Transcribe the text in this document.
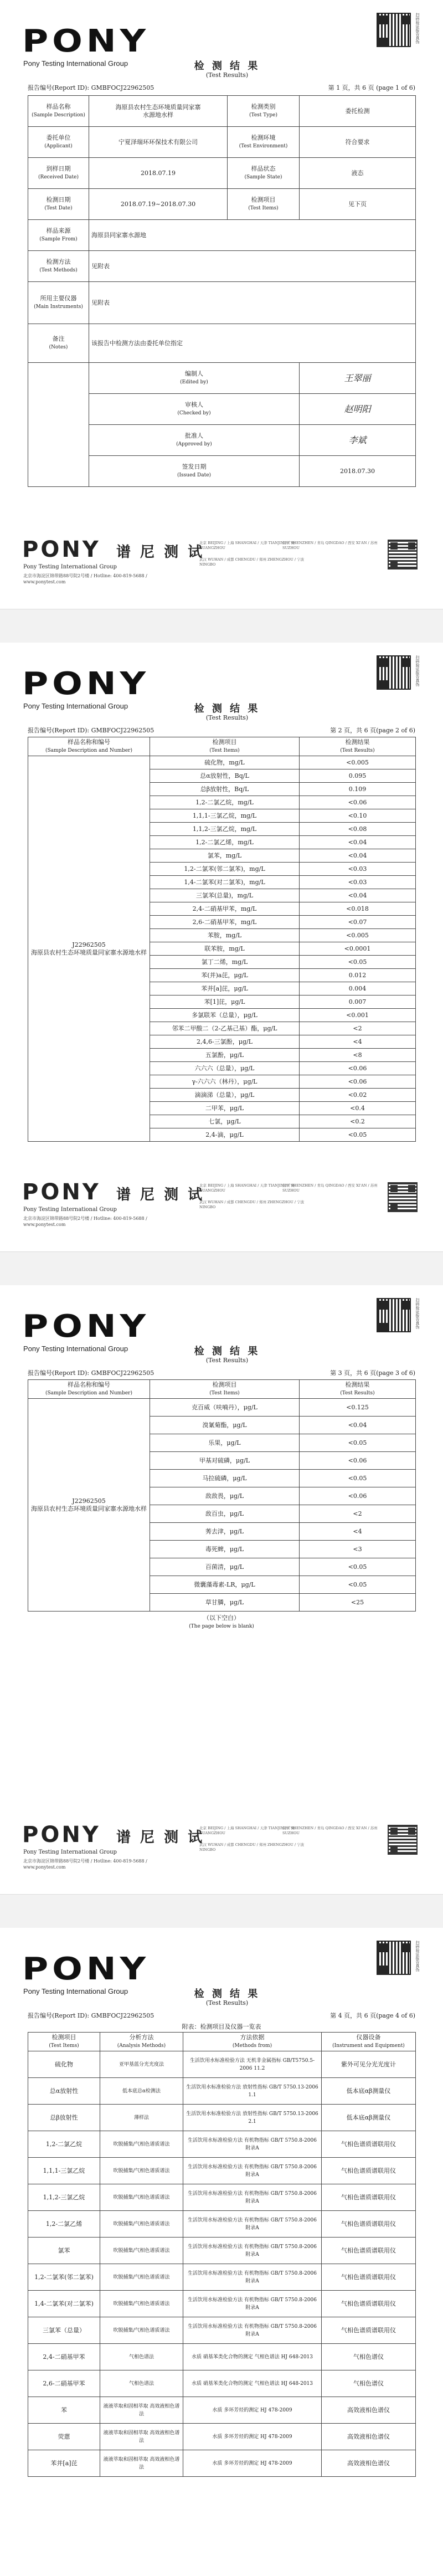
PONY
Pony Testing International Group
扫码验证报告真伪
检 测 结 果
(Test Results)
报告编号(Report ID): GMBFOCJ22962505	第 1 页，共 6 页 (page 1 of 6)
样品名称
(Sample Description)	海原县农村生态环境质量同家寨
水源地水样	检测类别
(Test Type)	委托检测
委托单位
(Applicant)	宁夏泽瑞环环保技术有限公司	检测环境
(Test Environment)	符合要求
到样日期
(Received Date)	2018.07.19	样品状态
(Sample State)	液态
检测日期
(Test Date)	2018.07.19~2018.07.30	检测项目
(Test Items)	见下页
样品来源
(Sample From)	海原县同家寨水源地		
检测方法
(Test Methods)	见附表		
所用主要仪器
(Main Instruments)	见附表		
备注
(Notes)	该报告中检测方法由委托单位指定		
	编制人
(Edited by)		王翠丽
	审核人
(Checked by)		赵明阳
	批准人
(Approved by)		李斌
	签发日期
(Issued Date)		2018.07.30
PONY 谱 尼 测 试
Pony Testing International Group
北京市海淀区锦带路88号院2号楼 / Hotline: 400-819-5688 / www.ponytest.com
北京 BEIJING / 上海 SHANGHAI / 天津 TIANJIN / 广州 GUANGZHOU
深圳 SHENZHEN / 青岛 QINGDAO / 西安 XI'AN / 苏州 SUZHOU
武汉 WUHAN / 成都 CHENGDU / 郑州 ZHENGZHOU / 宁波 NINGBO
PONY
Pony Testing International Group
扫码验证报告真伪
检 测 结 果
(Test Results)
报告编号(Report ID): GMBFOCJ22962505	第 2 页，共 6 页(page 2 of 6)
样品名称和编号
(Sample Description and Number)	检测项目
(Test Items)	检测结果
(Test Results)

J22962505
海原县农村生态环境质量同家寨水源地水样	硫化物，mg/L	<0.005
	总α放射性，Bq/L	0.095
	总β放射性，Bq/L	0.109
	1,2-二氯乙烷，mg/L	<0.06
	1,1,1-三氯乙烷，mg/L	<0.10
	1,1,2-三氯乙烷，mg/L	<0.08
	1,2-二氯乙烯，mg/L	<0.04
	氯苯，mg/L	<0.04
	1,2-二氯苯(邻二氯苯)，mg/L	<0.03
	1,4-二氯苯(对二氯苯)，mg/L	<0.03
	三氯苯(总量)，mg/L	<0.04
	2,4-二硝基甲苯，mg/L	<0.018
	2,6-二硝基甲苯，mg/L	<0.07
	苯胺，mg/L	<0.005
	联苯胺，mg/L	<0.0001
	氯丁二烯，mg/L	<0.05
	苯(并)a芘，μg/L	0.012
	苯并[a]芘，μg/L	0.004
	苯[1]芘，μg/L	0.007
	多氯联苯（总量），μg/L	<0.001
	邻苯二甲酸二（2-乙基己基）酯，μg/L	<2
	2,4,6-三氯酚，μg/L	<4
	五氯酚，μg/L	<8
	六六六（总量），μg/L	<0.06
	γ-六六六（林丹），μg/L	<0.06
	滴滴涕（总量），μg/L	<0.02
	二甲苯，μg/L	<0.4
	七氯，μg/L	<0.2
	2,4-滴，μg/L	<0.05
PONY 谱 尼 测 试
Pony Testing International Group
北京市海淀区锦带路88号院2号楼 / Hotline: 400-819-5688 / www.ponytest.com
北京 BEIJING / 上海 SHANGHAI / 天津 TIANJIN / 广州 GUANGZHOU
深圳 SHENZHEN / 青岛 QINGDAO / 西安 XI'AN / 苏州 SUZHOU
武汉 WUHAN / 成都 CHENGDU / 郑州 ZHENGZHOU / 宁波 NINGBO
PONY
Pony Testing International Group
扫码验证报告真伪
检 测 结 果
(Test Results)
报告编号(Report ID): GMBFOCJ22962505	第 3 页，共 6 页(page 3 of 6)
样品名称和编号
(Sample Description and Number)	检测项目
(Test Items)	检测结果
(Test Results)

J22962505
海原县农村生态环境质量同家寨水源地水样	克百威（呋喃丹），μg/L	<0.125
	溴氰菊酯，μg/L	<0.04
	乐果，μg/L	<0.05
	甲基对硫磷，μg/L	<0.06
	马拉硫磷，μg/L	<0.05
	敌敌畏，μg/L	<0.06
	敌百虫，μg/L	<2
	莠去津，μg/L	<4
	毒死蜱，μg/L	<3
	百菌清，μg/L	<0.05
	微囊藻毒素-LR，μg/L	<0.05
	草甘膦，μg/L	<25
（以下空白）
(The page below is blank)
PONY 谱 尼 测 试
Pony Testing International Group
北京市海淀区锦带路88号院2号楼 / Hotline: 400-819-5688 / www.ponytest.com
北京 BEIJING / 上海 SHANGHAI / 天津 TIANJIN / 广州 GUANGZHOU
深圳 SHENZHEN / 青岛 QINGDAO / 西安 XI'AN / 苏州 SUZHOU
武汉 WUHAN / 成都 CHENGDU / 郑州 ZHENGZHOU / 宁波 NINGBO
PONY
Pony Testing International Group
扫码验证报告真伪
检 测 结 果
(Test Results)
报告编号(Report ID): GMBFOCJ22962505	第 4 页，共 6 页(page 4 of 6)
附表：检测项目及仪器一览表
检测项目
(Test Items)	分析方法
(Analysis Methods)	方法依据
(Methods from)	仪器设备
(Instrument and Equipment)
硫化物	亚甲基蓝分光光度法	生活饮用水标准检验方法 无机非金属指标 GB/T5750.5-2006 11.2	紫外可见分光光度计
总α放射性	低本底总α检测法	生活饮用水标准检验方法 放射性指标 GB/T 5750.13-2006 1.1	低本底αβ测量仪
总β放射性	薄样法	生活饮用水标准检验方法 放射性指标 GB/T 5750.13-2006 2.1	低本底αβ测量仪
1,2-二氯乙烷	吹脱捕集/气相色谱质谱法	生活饮用水标准检验方法 有机物指标 GB/T 5750.8-2006 附录A	气相色谱质谱联用仪
1,1,1-三氯乙烷	吹脱捕集/气相色谱质谱法	生活饮用水标准检验方法 有机物指标 GB/T 5750.8-2006 附录A	气相色谱质谱联用仪
1,1,2-三氯乙烷	吹脱捕集/气相色谱质谱法	生活饮用水标准检验方法 有机物指标 GB/T 5750.8-2006 附录A	气相色谱质谱联用仪
1,2-二氯乙烯	吹脱捕集/气相色谱质谱法	生活饮用水标准检验方法 有机物指标 GB/T 5750.8-2006 附录A	气相色谱质谱联用仪
氯苯	吹脱捕集/气相色谱质谱法	生活饮用水标准检验方法 有机物指标 GB/T 5750.8-2006 附录A	气相色谱质谱联用仪
1,2-二氯苯(邻二氯苯)	吹脱捕集/气相色谱质谱法	生活饮用水标准检验方法 有机物指标 GB/T 5750.8-2006 附录A	气相色谱质谱联用仪
1,4-二氯苯(对二氯苯)	吹脱捕集/气相色谱质谱法	生活饮用水标准检验方法 有机物指标 GB/T 5750.8-2006 附录A	气相色谱质谱联用仪
三氯苯（总量）	吹脱捕集/气相色谱质谱法	生活饮用水标准检验方法 有机物指标 GB/T 5750.8-2006 附录A	气相色谱质谱联用仪
2,4-二硝基甲苯	气相色谱法	水质 硝基苯类化合物的测定 气相色谱法 HJ 648-2013	气相色谱仪
2,6-二硝基甲苯	气相色谱法	水质 硝基苯类化合物的测定 气相色谱法 HJ 648-2013	气相色谱仪
苯	液液萃取和固相萃取 高效液相色谱法	水质 多环芳烃的测定 HJ 478-2009	高效液相色谱仪
荧蒽	液液萃取和固相萃取 高效液相色谱法	水质 多环芳烃的测定 HJ 478-2009	高效液相色谱仪
苯并[a]芘	液液萃取和固相萃取 高效液相色谱法	水质 多环芳烃的测定 HJ 478-2009	高效液相色谱仪
